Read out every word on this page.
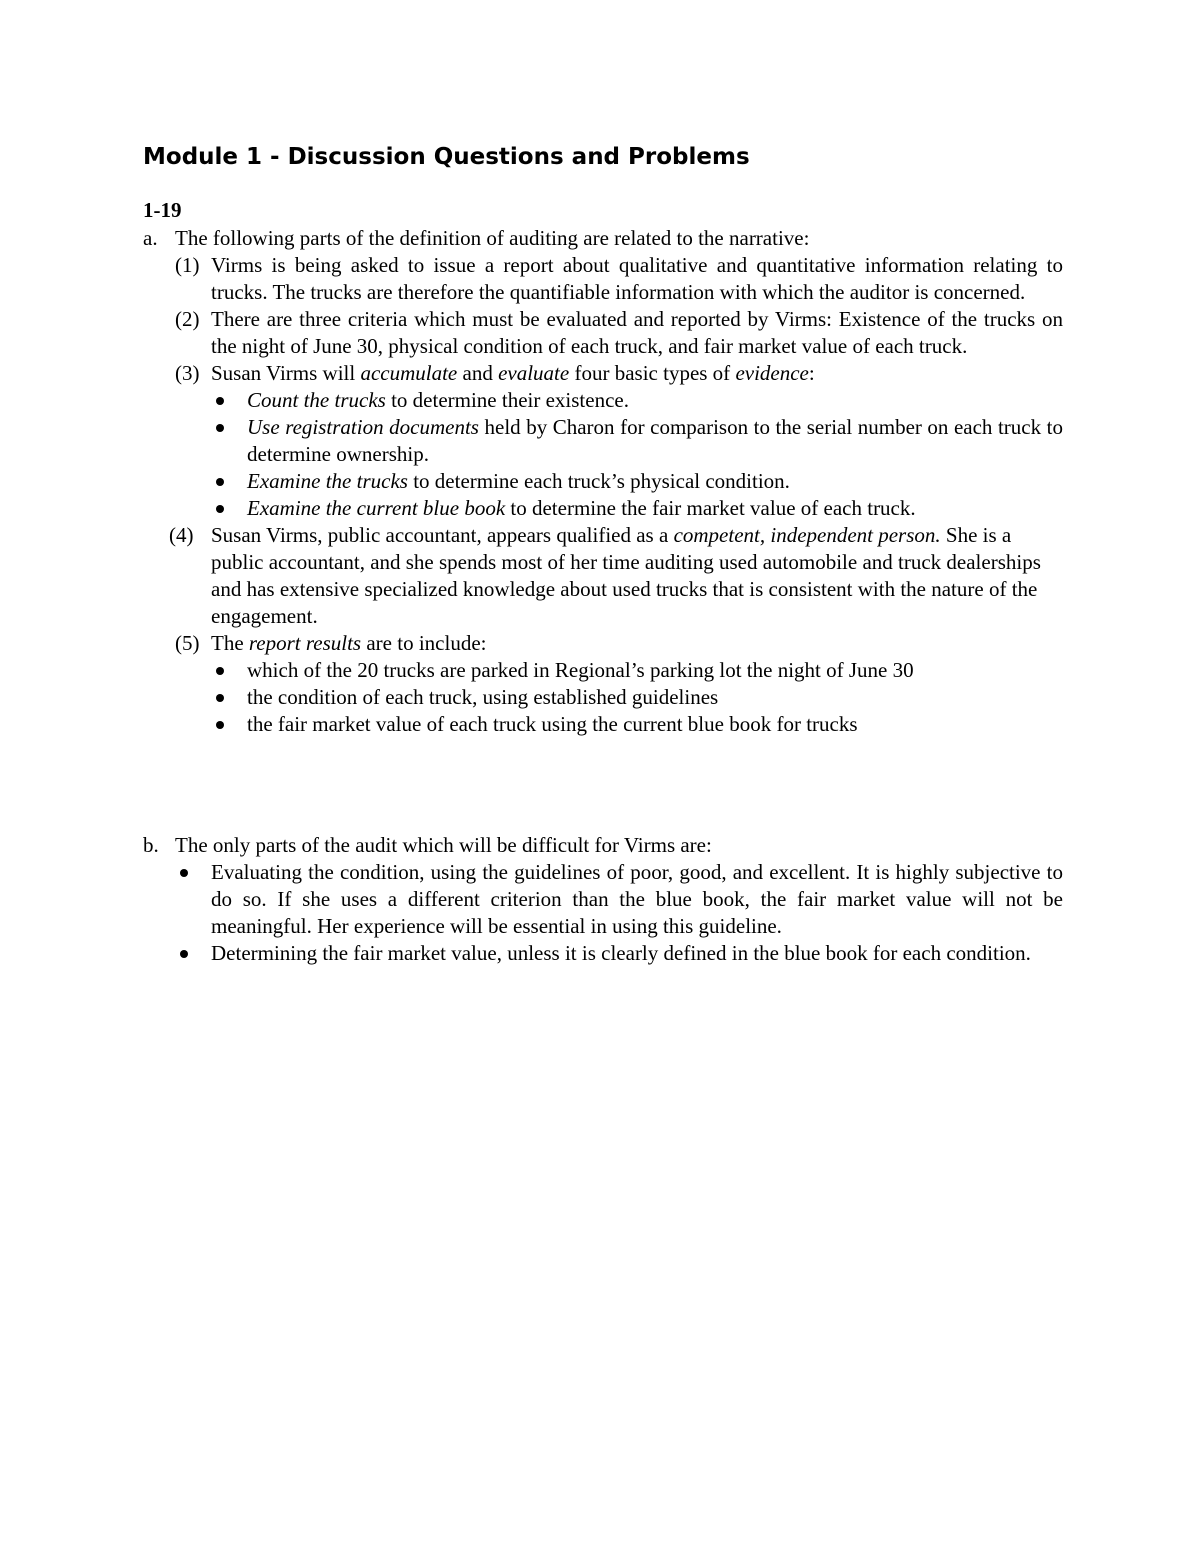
Module 1 - Discussion Questions and Problems
1-19
a. The following parts of the definition of auditing are related to the narrative:
(1) Virms is being asked to issue a report about qualitative and quantitative information relating to trucks. The trucks are therefore the quantifiable information with which the auditor is concerned.
(2) There are three criteria which must be evaluated and reported by Virms: Existence of the trucks on the night of June 30, physical condition of each truck, and fair market value of each truck.
(3) Susan Virms will accumulate and evaluate four basic types of evidence:
Count the trucks to determine their existence.
Use registration documents held by Charon for comparison to the serial number on each truck to determine ownership.
Examine the trucks to determine each truck’s physical condition.
Examine the current blue book to determine the fair market value of each truck.
(4) Susan Virms, public accountant, appears qualified as a competent, independent person. She is a public accountant, and she spends most of her time auditing used automobile and truck dealerships and has extensive specialized knowledge about used trucks that is consistent with the nature of the engagement.
(5) The report results are to include:
which of the 20 trucks are parked in Regional’s parking lot the night of June 30
the condition of each truck, using established guidelines
the fair market value of each truck using the current blue book for trucks
b. The only parts of the audit which will be difficult for Virms are:
Evaluating the condition, using the guidelines of poor, good, and excellent. It is highly subjective to do so. If she uses a different criterion than the blue book, the fair market value will not be meaningful. Her experience will be essential in using this guideline.
Determining the fair market value, unless it is clearly defined in the blue book for each condition.
